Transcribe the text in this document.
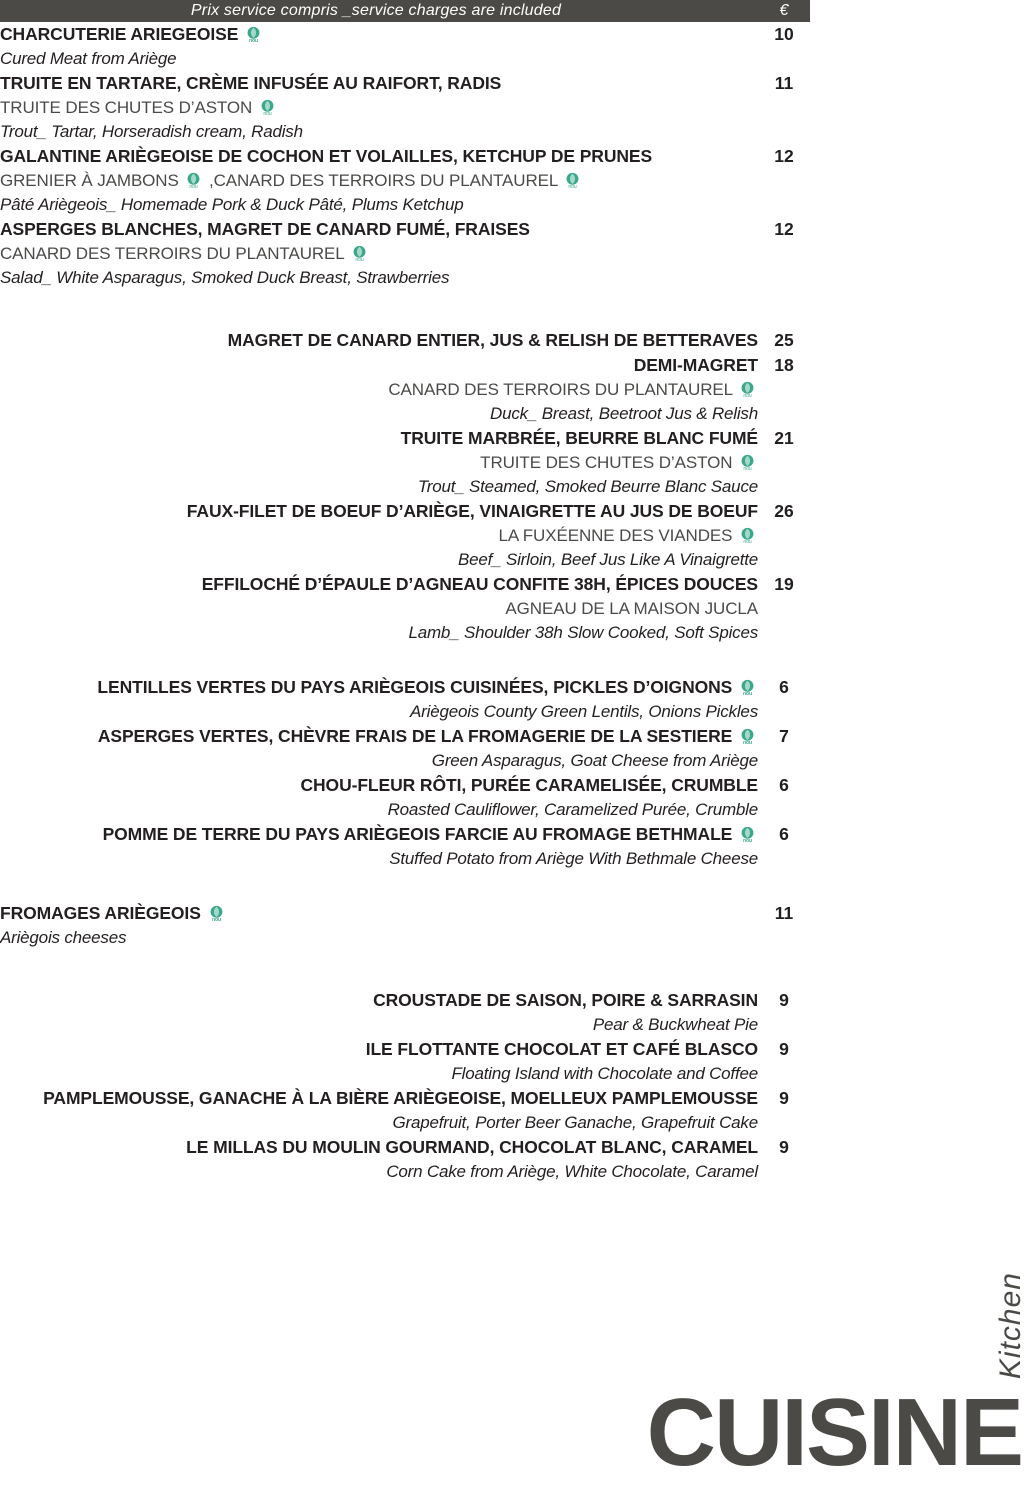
Prix service compris _service charges are included	€
CHARCUTERIE ARIEGEOISE nou	10
Cured Meat from Ariège
TRUITE EN TARTARE, CRÈME INFUSÉE AU RAIFORT, RADIS	11
TRUITE DES CHUTES D’ASTON nou
Trout_ Tartar, Horseradish cream, Radish
GALANTINE ARIÈGEOISE DE COCHON ET VOLAILLES, KETCHUP DE PRUNES	12
GRENIER À JAMBONS nou ,CANARD DES TERROIRS DU PLANTAUREL nou
Pâté Ariègeois_ Homemade Pork & Duck Pâté, Plums Ketchup
ASPERGES BLANCHES, MAGRET DE CANARD FUMÉ, FRAISES	12
CANARD DES TERROIRS DU PLANTAUREL nou
Salad_ White Asparagus, Smoked Duck Breast, Strawberries
MAGRET DE CANARD ENTIER, JUS & RELISH DE BETTERAVES 25
DEMI-MAGRET 18
CANARD DES TERROIRS DU PLANTAUREL nou
Duck_ Breast, Beetroot Jus & Relish
TRUITE MARBRÉE, BEURRE BLANC FUMÉ 21
TRUITE DES CHUTES D’ASTON nou
Trout_ Steamed, Smoked Beurre Blanc Sauce
FAUX-FILET DE BOEUF D’ARIÈGE, VINAIGRETTE AU JUS DE BOEUF 26
LA FUXÉENNE DES VIANDES nou
Beef_ Sirloin, Beef Jus Like A Vinaigrette
EFFILOCHÉ D’ÉPAULE D’AGNEAU CONFITE 38H, ÉPICES DOUCES 19
AGNEAU DE LA MAISON JUCLA
Lamb_ Shoulder 38h Slow Cooked, Soft Spices
LENTILLES VERTES DU PAYS ARIÈGEOIS CUISINÉES, PICKLES D’OIGNONS nou	6
Ariègeois County Green Lentils, Onions Pickles
ASPERGES VERTES, CHÈVRE FRAIS DE LA FROMAGERIE DE LA SESTIERE nou	7
Green Asparagus, Goat Cheese from Ariège
CHOU-FLEUR RÔTI, PURÉE CARAMELISÉE, CRUMBLE	6
Roasted Cauliflower, Caramelized Purée, Crumble
POMME DE TERRE DU PAYS ARIÈGEOIS FARCIE AU FROMAGE BETHMALE nou	6
Stuffed Potato from Ariège With Bethmale Cheese
FROMAGES ARIÈGEOIS nou	11
Ariègois cheeses
CROUSTADE DE SAISON, POIRE & SARRASIN	9
Pear & Buckwheat Pie
ILE FLOTTANTE CHOCOLAT ET CAFÉ BLASCO	9
Floating Island with Chocolate and Coffee
PAMPLEMOUSSE, GANACHE À LA BIÈRE ARIÈGEOISE, MOELLEUX PAMPLEMOUSSE	9
Grapefruit, Porter Beer Ganache, Grapefruit Cake
LE MILLAS DU MOULIN GOURMAND, CHOCOLAT BLANC, CARAMEL	9
Corn Cake from Ariège, White Chocolate, Caramel
CUISINE
Kitchen
